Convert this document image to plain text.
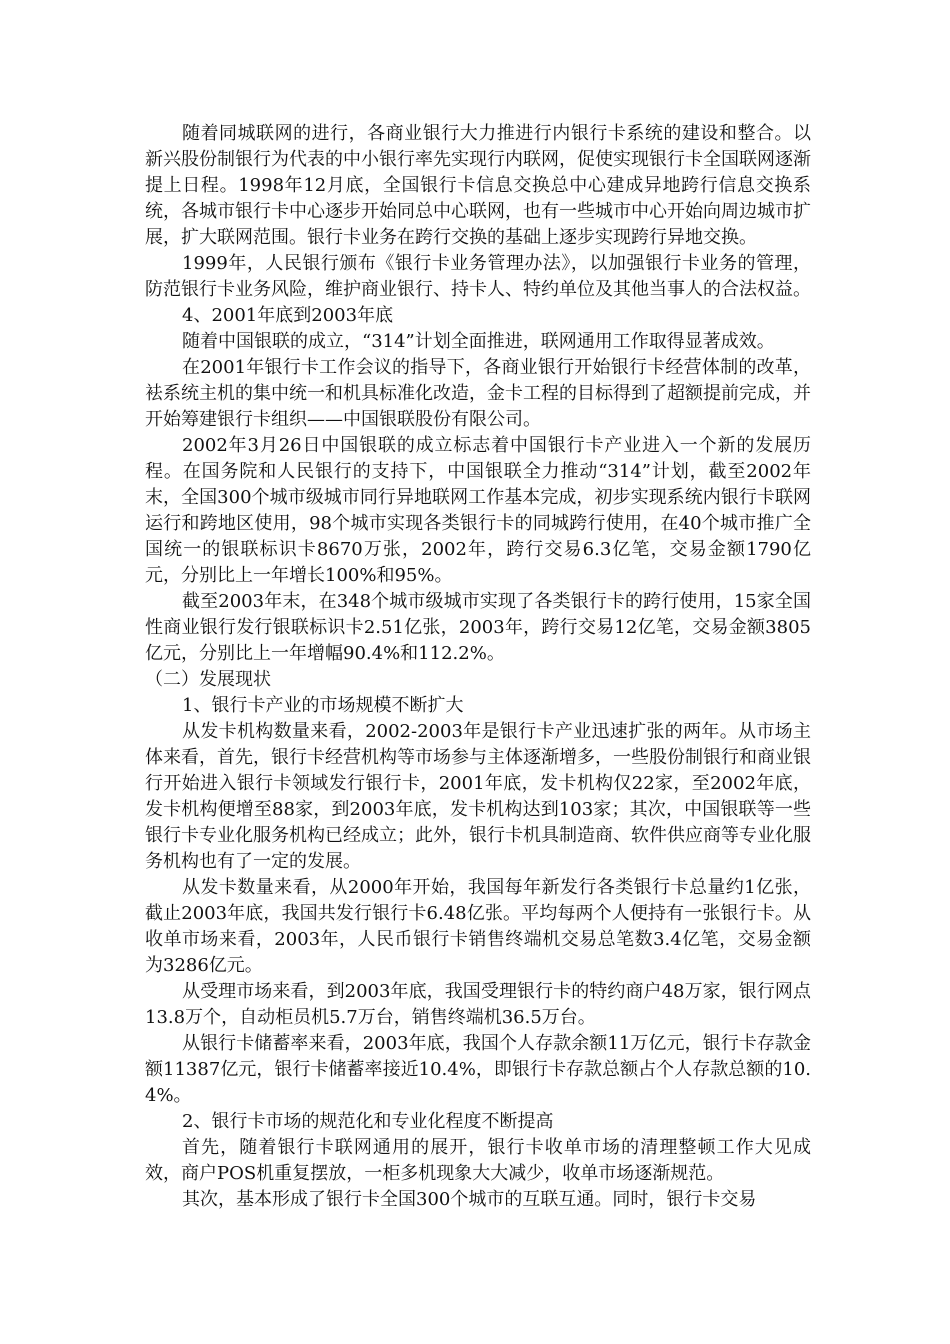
随着同城联网的进行，各商业银行大力推进行内银行卡系统的建设和整合。以新兴股份制银行为代表的中小银行率先实现行内联网，促使实现银行卡全国联网逐渐提上日程。1998年12月底，全国银行卡信息交换总中心建成异地跨行信息交换系统，各城市银行卡中心逐步开始同总中心联网，也有一些城市中心开始向周边城市扩展，扩大联网范围。银行卡业务在跨行交换的基础上逐步实现跨行异地交换。

1999年，人民银行颁布《银行卡业务管理办法》，以加强银行卡业务的管理，防范银行卡业务风险，维护商业银行、持卡人、特约单位及其他当事人的合法权益。

4、2001年底到2003年底

随着中国银联的成立，“314”计划全面推进，联网通用工作取得显著成效。

在2001年银行卡工作会议的指导下，各商业银行开始银行卡经营体制的改革，袪系统主机的集中统一和机具标准化改造，金卡工程的目标得到了超额提前完成，并开始筹建银行卡组织——中国银联股份有限公司。

2002年3月26日中国银联的成立标志着中国银行卡产业进入一个新的发展历程。在国务院和人民银行的支持下，中国银联全力推动“314”计划，截至2002年末，全国300个城市级城市同行异地联网工作基本完成，初步实现系统内银行卡联网运行和跨地区使用，98个城市实现各类银行卡的同城跨行使用，在40个城市推广全国统一的银联标识卡8670万张，2002年，跨行交易6.3亿笔，交易金额1790亿元，分别比上一年增长100%和95%。

截至2003年末，在348个城市级城市实现了各类银行卡的跨行使用，15家全国性商业银行发行银联标识卡2.51亿张，2003年，跨行交易12亿笔，交易金额3805亿元，分别比上一年增幅90.4%和112.2%。

（二）发展现状

1、银行卡产业的市场规模不断扩大

从发卡机构数量来看，2002-2003年是银行卡产业迅速扩张的两年。从市场主体来看，首先，银行卡经营机构等市场参与主体逐渐增多，一些股份制银行和商业银行开始进入银行卡领域发行银行卡，2001年底，发卡机构仅22家，至2002年底，发卡机构便增至88家，到2003年底，发卡机构达到103家；其次，中国银联等一些银行卡专业化服务机构已经成立；此外，银行卡机具制造商、软件供应商等专业化服务机构也有了一定的发展。

从发卡数量来看，从2000年开始，我国每年新发行各类银行卡总量约1亿张，截止2003年底，我国共发行银行卡6.48亿张。平均每两个人便持有一张银行卡。从收单市场来看，2003年，人民币银行卡销售终端机交易总笔数3.4亿笔，交易金额为3286亿元。

从受理市场来看，到2003年底，我国受理银行卡的特约商户48万家，银行网点13.8万个，自动柜员机5.7万台，销售终端机36.5万台。

从银行卡储蓄率来看，2003年底，我国个人存款余额11万亿元，银行卡存款金额11387亿元，银行卡储蓄率接近10.4%，即银行卡存款总额占个人存款总额的10.4%。

2、银行卡市场的规范化和专业化程度不断提高

首先，随着银行卡联网通用的展开，银行卡收单市场的清理整顿工作大见成效，商户POS机重复摆放，一柜多机现象大大减少，收单市场逐渐规范。

其次，基本形成了银行卡全国300个城市的互联互通。同时，银行卡交易
